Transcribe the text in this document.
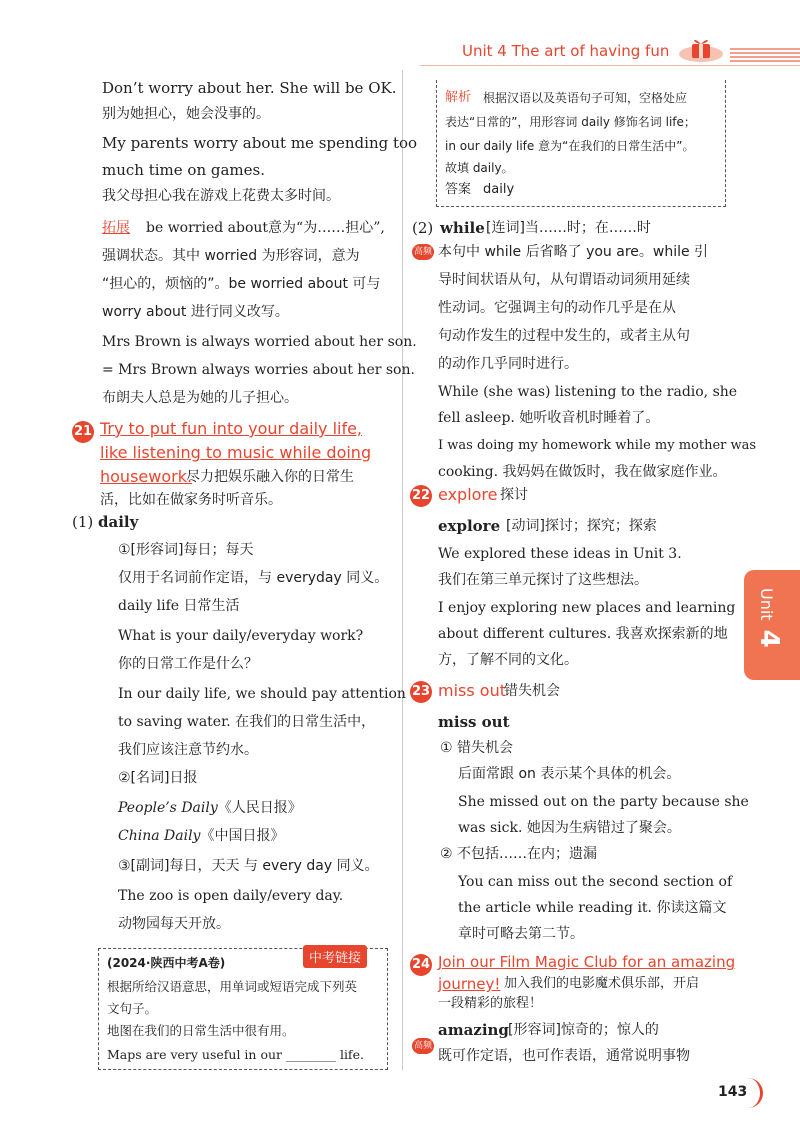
Unit 4 The art of having fun
Unit 4
Don’t worry about her. She will be OK.
别为她担心，她会没事的。
My parents worry about me spending too
much time on games.
我父母担心我在游戏上花费太多时间。
拓展 be worried about意为“为……担心”,
强调状态。其中 worried 为形容词，意为
“担心的，烦恼的”。be worried about 可与
worry about 进行同义改写。
Mrs Brown is always worried about her son.
= Mrs Brown always worries about her son.
布朗夫人总是为她的儿子担心。
21 Try to put fun into your daily life,
like listening to music while doing
housework.
尽力把娱乐融入你的日常生
活，比如在做家务时听音乐。
(1) daily
①[形容词]每日；每天
仅用于名词前作定语，与 everyday 同义。
daily life 日常生活
What is your daily/everyday work?
你的日常工作是什么？
In our daily life, we should pay attention
to saving water. 在我们的日常生活中，
我们应该注意节约水。
②[名词]日报
People’s Daily《人民日报》
China Daily《中国日报》
③[副词]每日，天天 与 every day 同义。
The zoo is open daily/every day.
动物园每天开放。
(2024·陕西中考A卷)	中考链接
根据所给汉语意思，用单词或短语完成下列英
文句子。
地图在我们的日常生活中很有用。
Maps are very useful in our ________ life.
解析 根据汉语以及英语句子可知，空格处应
表达“日常的”，用形容词 daily 修饰名词 life；
in our daily life 意为“在我们的日常生活中”。
故填 daily。
答案 daily
(2) while [连词]当……时；在……时
高频 本句中 while 后省略了 you are。while 引
导时间状语从句，从句谓语动词须用延续
性动词。它强调主句的动作几乎是在从
句动作发生的过程中发生的，或者主从句
的动作几乎同时进行。
While (she was) listening to the radio, she
fell asleep. 她听收音机时睡着了。
I was doing my homework while my mother was
cooking. 我妈妈在做饭时，我在做家庭作业。
22 explore 探讨
explore [动词]探讨；探究；探索
We explored these ideas in Unit 3.
我们在第三单元探讨了这些想法。
I enjoy exploring new places and learning
about different cultures. 我喜欢探索新的地
方，了解不同的文化。
23 miss out
错失机会
miss out
① 错失机会
后面常跟 on 表示某个具体的机会。
She missed out on the party because she
was sick. 她因为生病错过了聚会。
② 不包括……在内；遗漏
You can miss out the second section of
the article while reading it. 你读这篇文
章时可略去第二节。
24 Join our Film Magic Club for an amazing
journey! 加入我们的电影魔术俱乐部，开启
一段精彩的旅程！
amazing [形容词]惊奇的；惊人的
高频
既可作定语，也可作表语，通常说明事物
143
